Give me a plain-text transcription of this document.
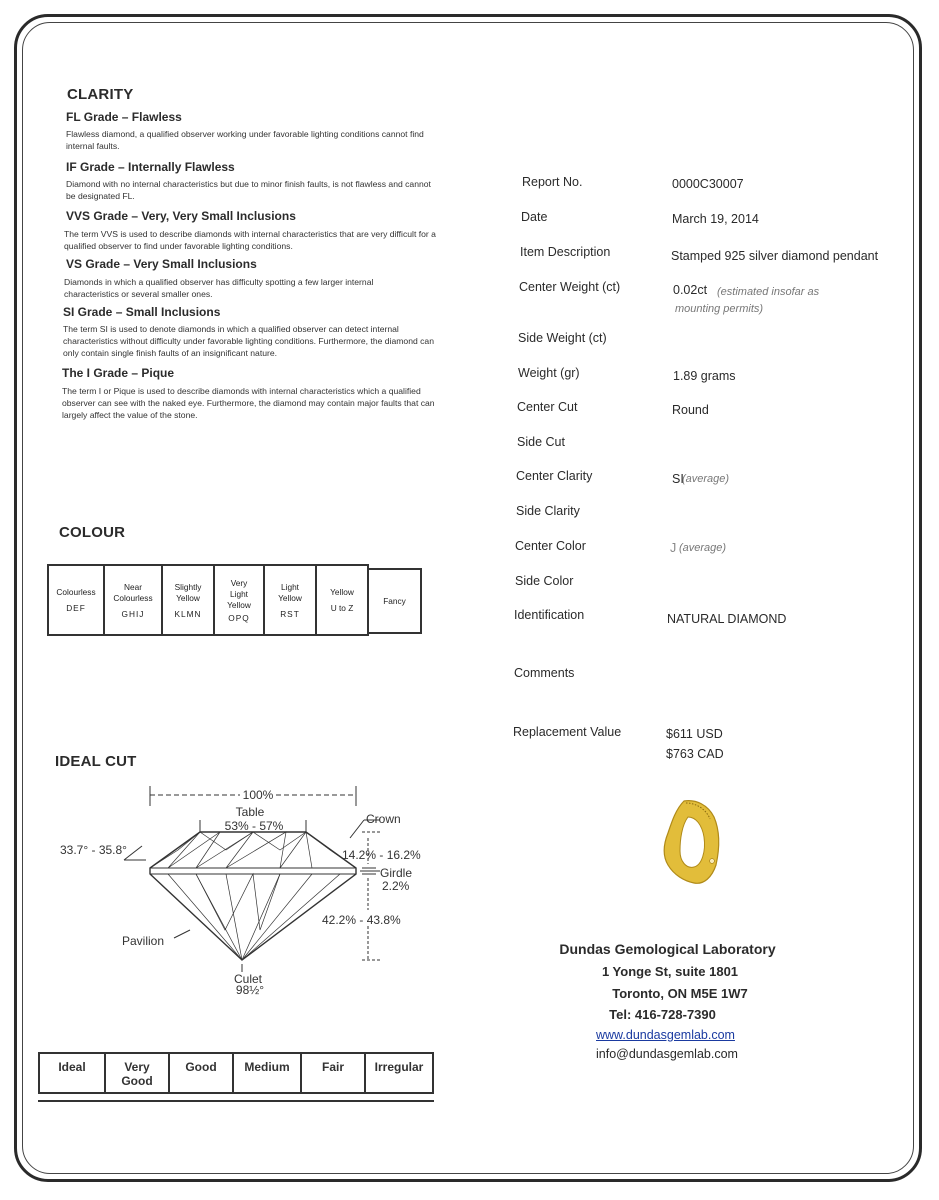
CLARITY
FL Grade – Flawless
Flawless diamond, a qualified observer working under favorable lighting conditions cannot find internal faults.
IF Grade – Internally Flawless
Diamond with no internal characteristics but due to minor finish faults, is not flawless and cannot be designated FL.
VVS Grade – Very, Very Small Inclusions
The term VVS is used to describe diamonds with internal characteristics that are very difficult for a qualified observer to find under favorable lighting conditions.
VS Grade – Very Small Inclusions
Diamonds in which a qualified observer has difficulty spotting a few larger internal characteristics or several smaller ones.
SI Grade – Small Inclusions
The term SI is used to denote diamonds in which a qualified observer can detect internal characteristics without difficulty under favorable lighting conditions. Furthermore, the diamond can only contain single finish faults of an insignificant nature.
The I Grade – Pique
The term I or Pique is used to describe diamonds with internal characteristics which a qualified observer can see with the naked eye. Furthermore, the diamond may contain major faults that can largely affect the value of the stone.
COLOUR
Colourless
DEF
Near Colourless
GHIJ
Slightly Yellow
KLMN
Very Light Yellow
OPQ
Light Yellow
RST
Yellow
U to Z
Fancy
IDEAL CUT
100%
Table
53% - 57%	Crown
33.7° - 35.8°	14.2% - 16.2%
Girdle
2.2%
42.2% - 43.8%
Pavilion
Culet
98½°
Ideal	Very Good
Good	Medium	Fair	Irregular
Report No.	0000C30007
Date	March 19, 2014
Item Description	Stamped 925 silver diamond pendant
Center Weight (ct)	0.02ct (estimated insofar as mounting permits)
Side Weight (ct)
Weight (gr)	1.89 grams
Center Cut	Round
Side Cut
Center Clarity	SI
(average)
Side Clarity
Center Color	J (average)
Side Color
Identification	NATURAL DIAMOND
Comments
Replacement Value	$611 USD
$763 CAD
Dundas Gemological Laboratory
1 Yonge St, suite 1801
Toronto, ON M5E 1W7
Tel: 416-728-7390
www.dundasgemlab.com
info@dundasgemlab.com
